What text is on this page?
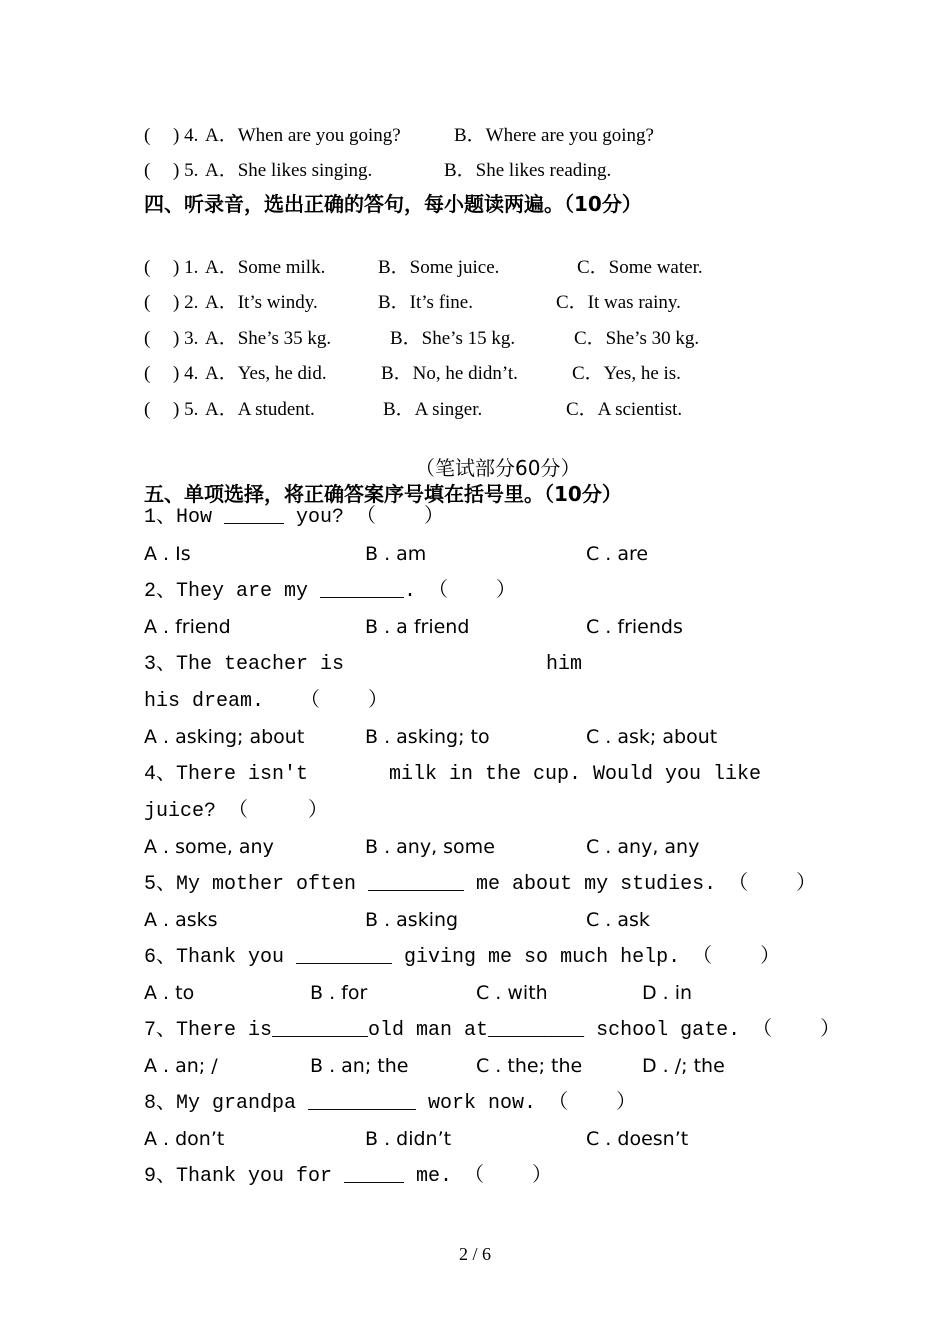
( ) 4. A．When are you going?	B．Where are you going?
( ) 5. A．She likes singing.	B．She likes reading.
四、听录音，选出正确的答句，每小题读两遍。（10分）
( ) 1. A．Some milk.	B．Some juice.	C．Some water.
( ) 2. A．It’s windy.	B．It’s fine.	C．It was rainy.
( ) 3. A．She’s 35 kg.	B．She’s 15 kg.	C．She’s 30 kg.
( ) 4. A．Yes, he did.	B．No, he didn’t.	C．Yes, he is.
( ) 5. A．A student.	B．A singer.	C．A scientist.
（笔试部分60分）
五、单项选择，将正确答案序号填在括号里。（10分）
1、How _____ you? （    ）
A . Is	B . am	C . are
2、They are my _______. （    ）
A . friend	B . a friend	C . friends
3、The teacher is	him
his dream.   （    ）
A . asking; about	B . asking; to	C . ask; about
4、There isn't	milk in the cup. Would you like
juice? （     ）
A . some, any	B . any, some	C . any, any
5、My mother often ________ me about my studies. （    ）
A . asks	B . asking	C . ask
6、Thank you ________ giving me so much help. （    ）
A . to	B . for	C . with	D . in
7、There is________old man at________ school gate. （    ）
A . an; /	B . an; the	C . the; the	D . /; the
8、My grandpa _________ work now. （    ）
A . don’t	B . didn’t	C . doesn’t
9、Thank you for _____ me. （    ）
2 / 6
